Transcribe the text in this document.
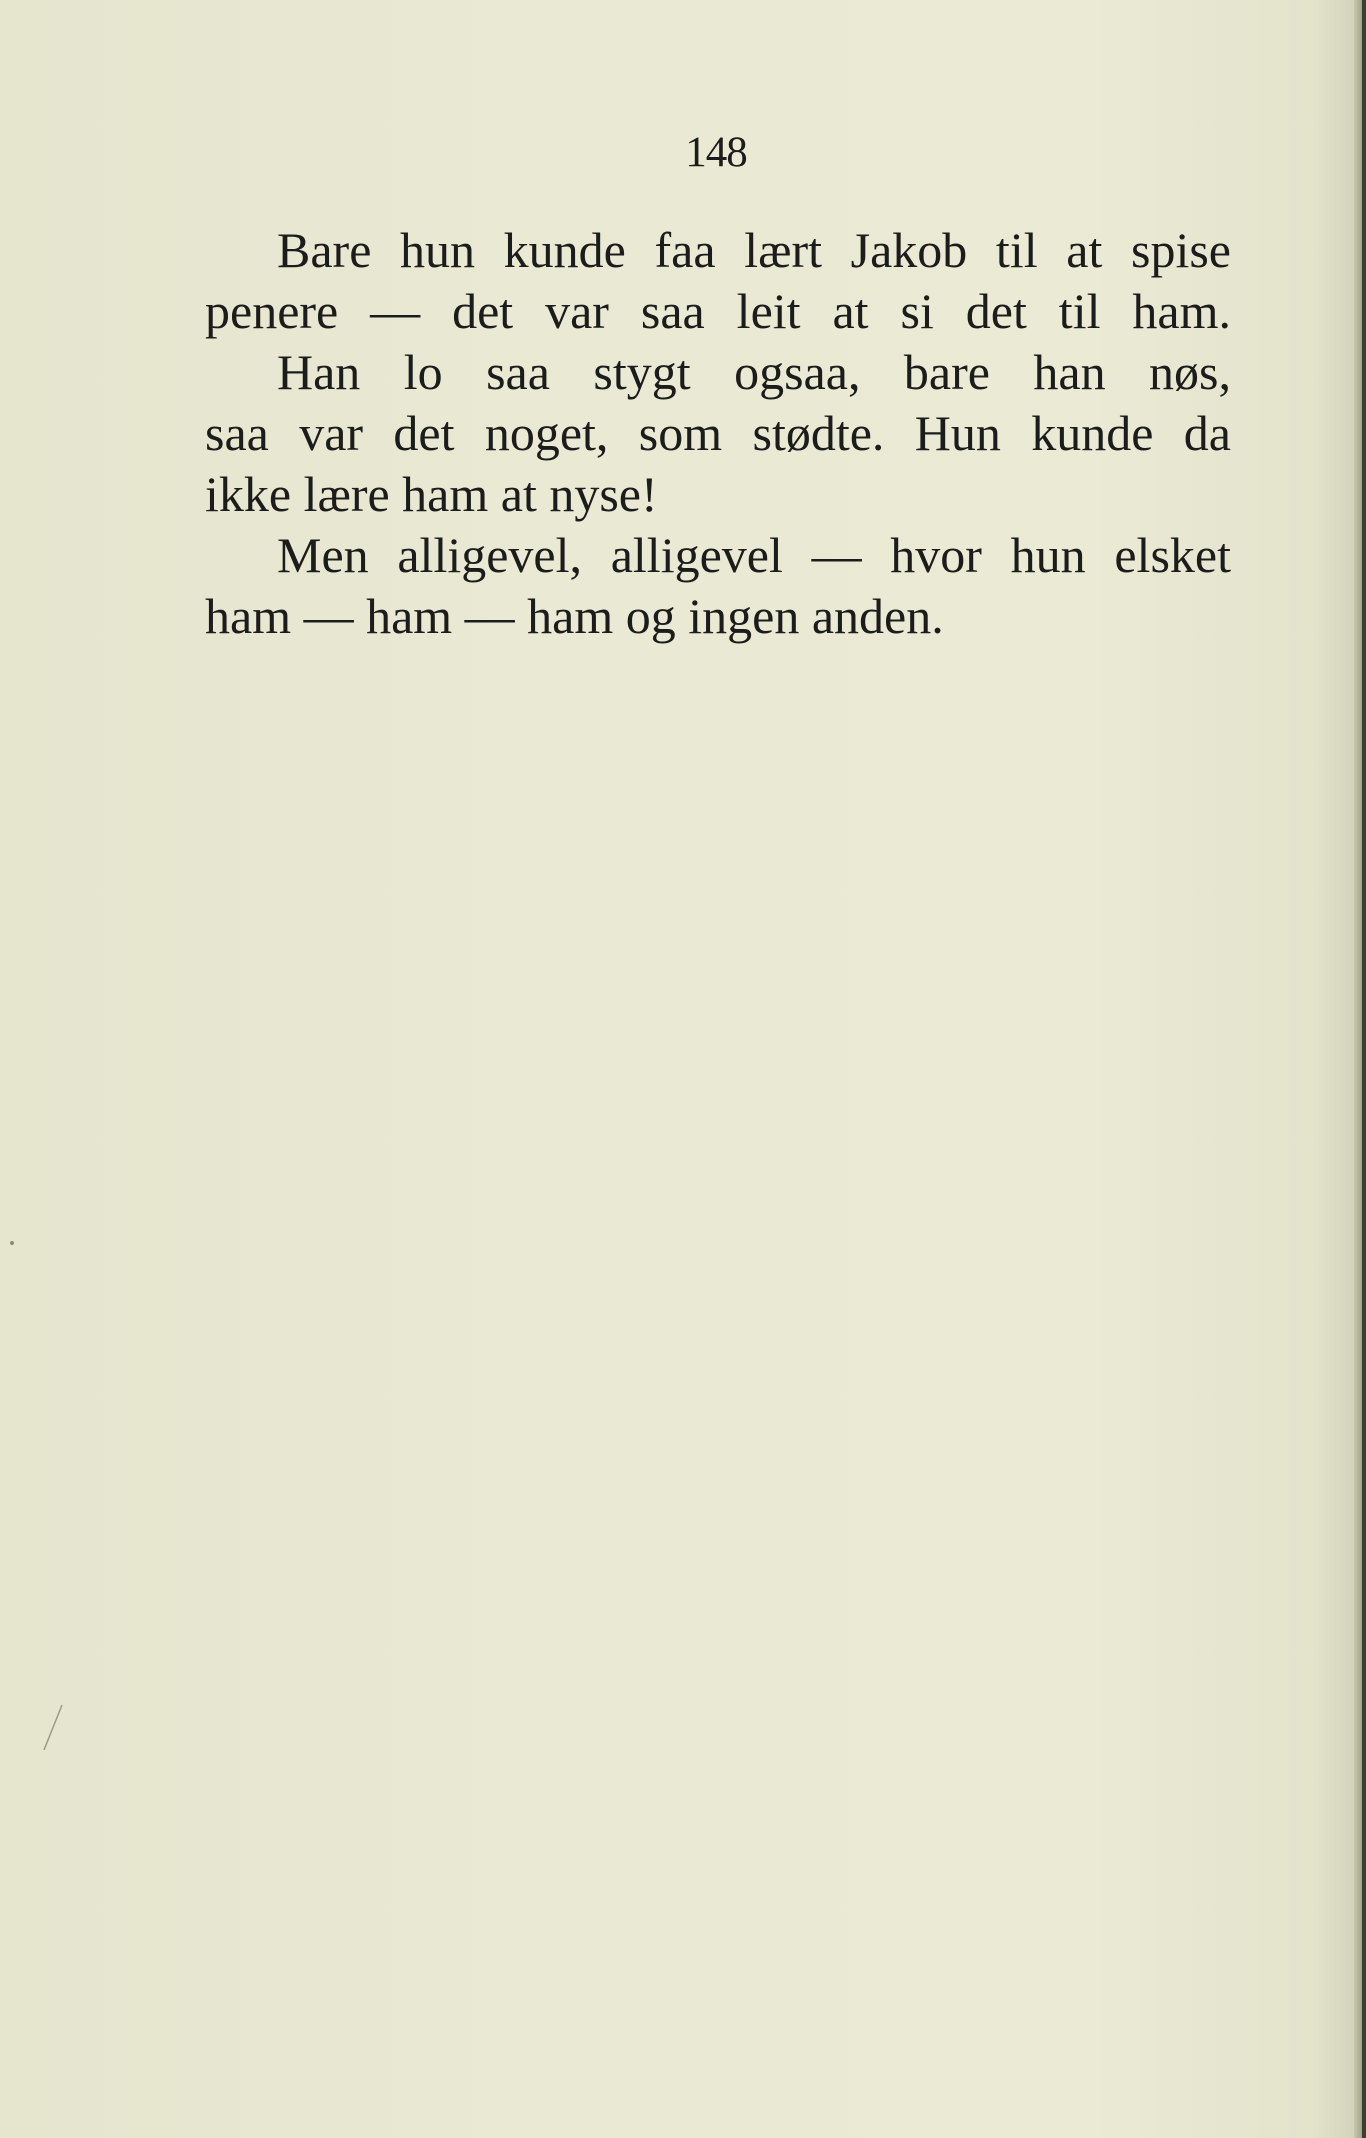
148
Bare hun kunde faa lært Jakob til at spise
penere — det var saa leit at si det til ham.
Han lo saa stygt ogsaa, bare han nøs,
saa var det noget, som stødte. Hun kunde da
ikke lære ham at nyse!
Men alligevel, alligevel — hvor hun elsket
ham — ham — ham og ingen anden.
